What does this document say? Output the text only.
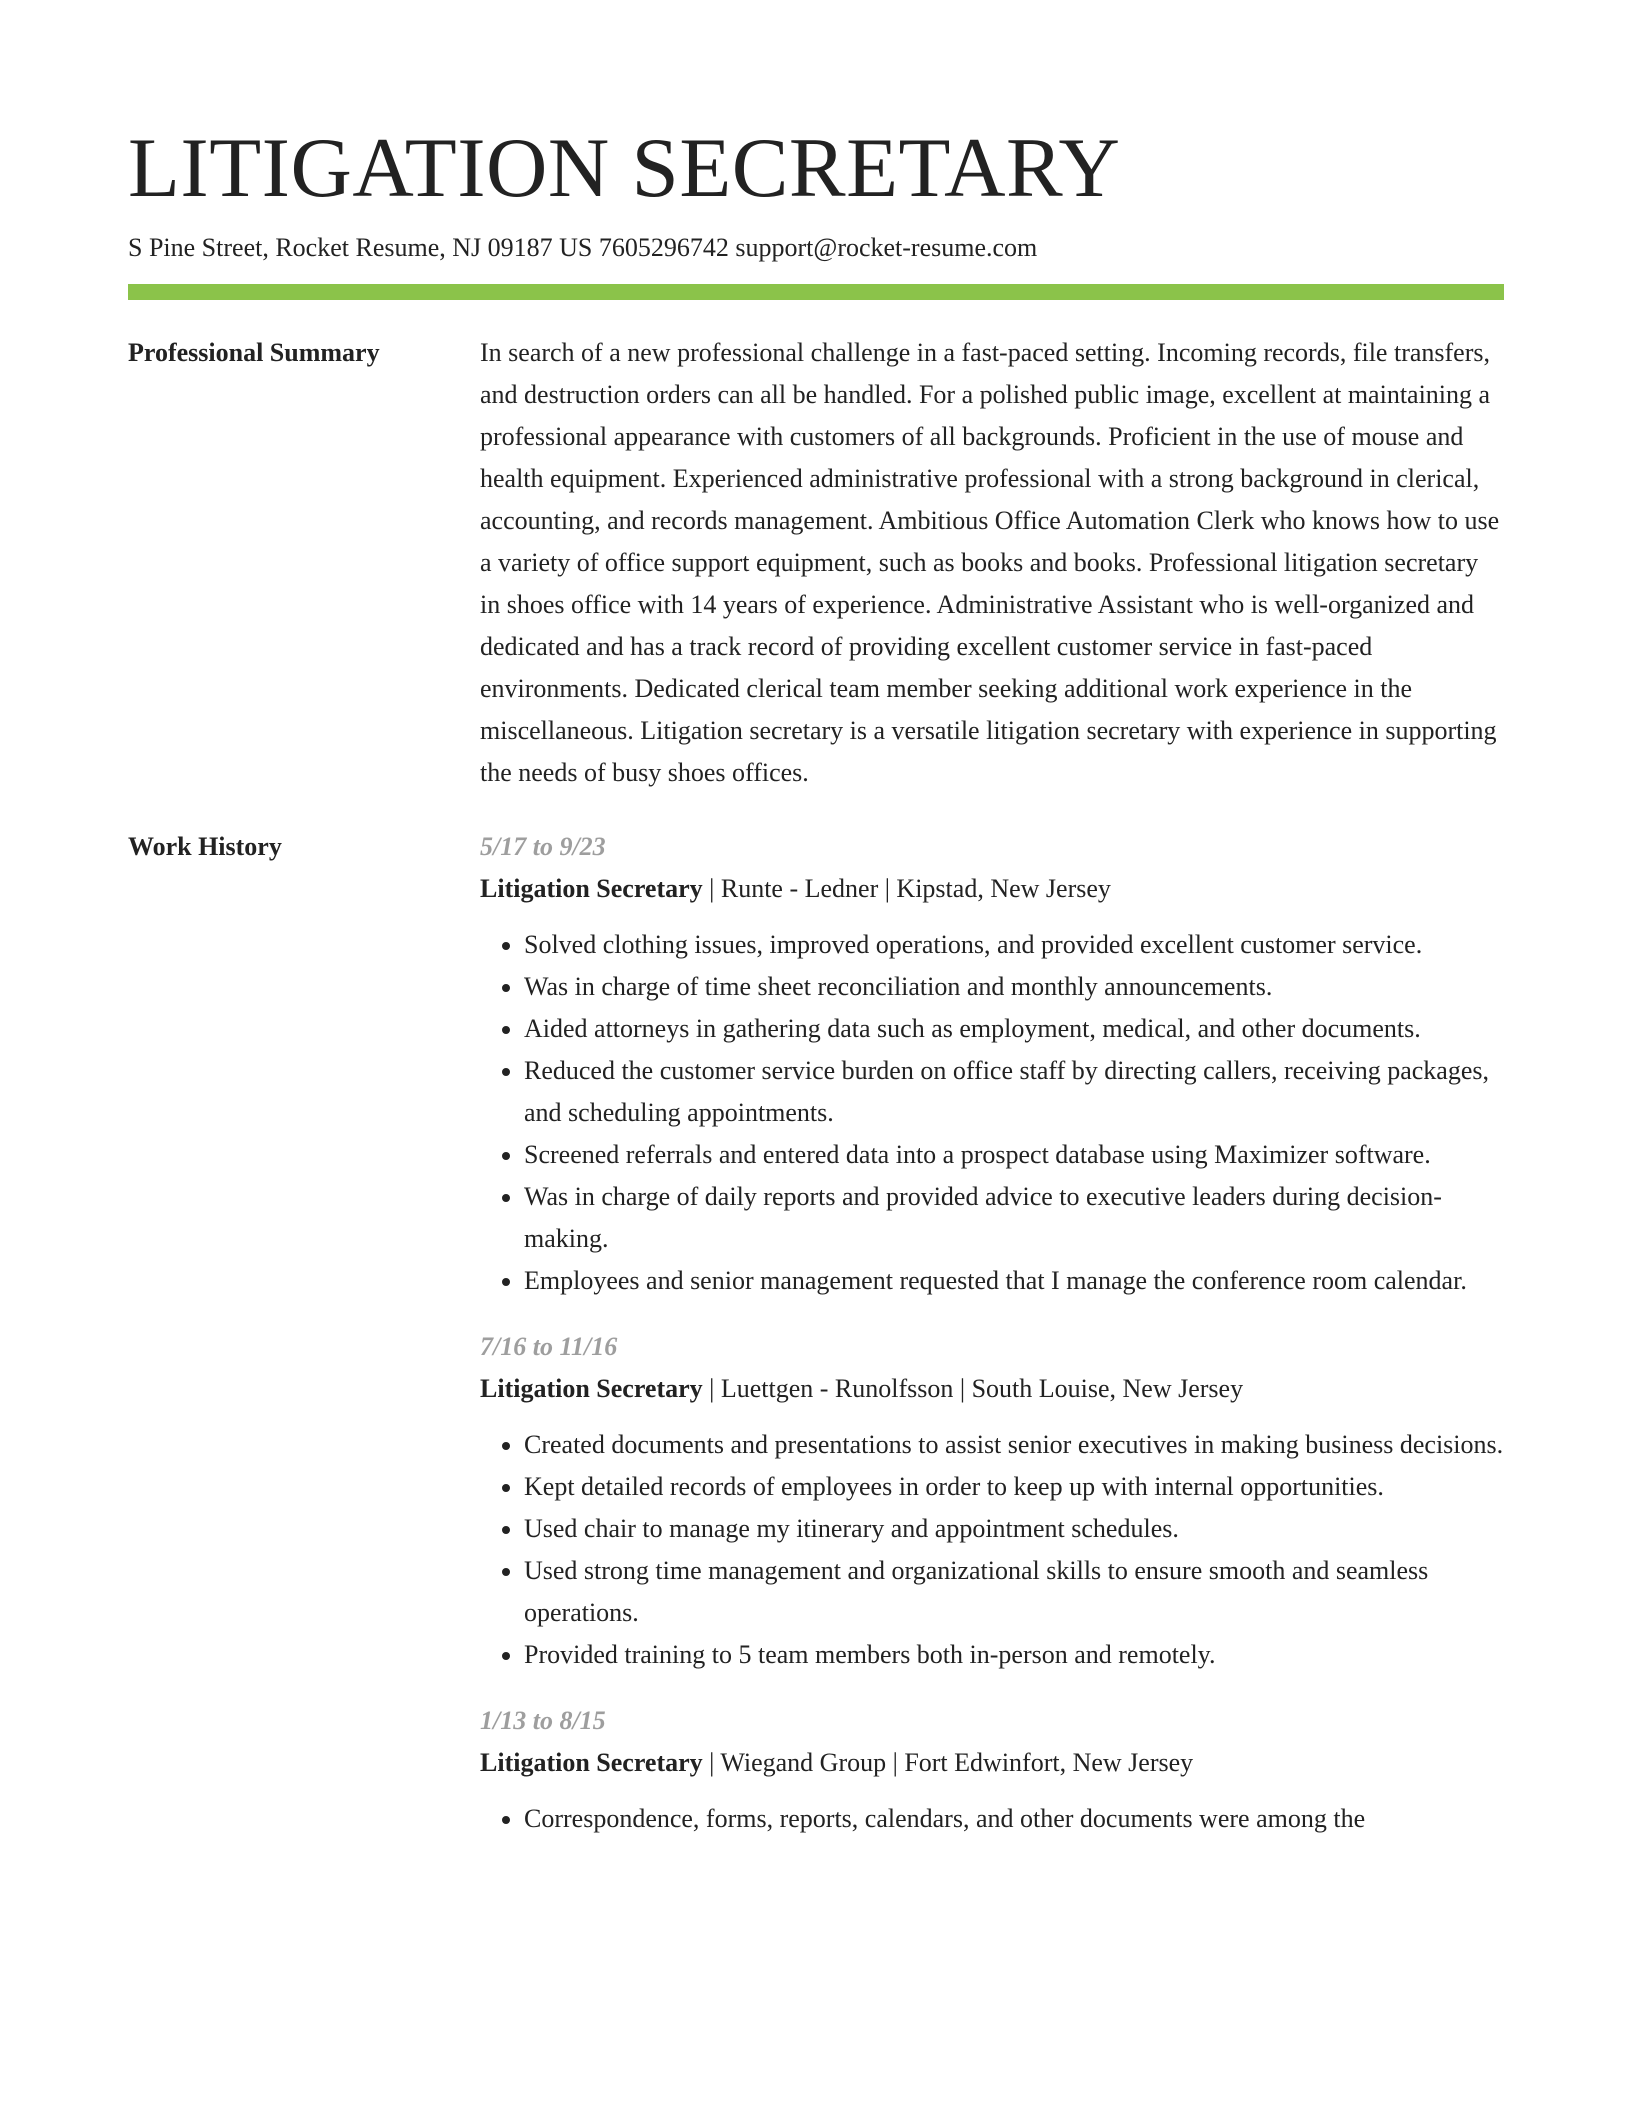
LITIGATION SECRETARY
S Pine Street, Rocket Resume, NJ 09187 US 7605296742 support@rocket-resume.com
Professional Summary	In search of a new professional challenge in a fast-paced setting. Incoming records, file transfers, and destruction orders can all be handled. For a polished public image, excellent at maintaining a professional appearance with customers of all backgrounds. Proficient in the use of mouse and health equipment. Experienced administrative professional with a strong background in clerical, accounting, and records management. Ambitious Office Automation Clerk who knows how to use a variety of office support equipment, such as books and books. Professional litigation secretary in shoes office with 14 years of experience. Administrative Assistant who is well-organized and dedicated and has a track record of providing excellent customer service in fast-paced environments. Dedicated clerical team member seeking additional work experience in the miscellaneous. Litigation secretary is a versatile litigation secretary with experience in supporting the needs of busy shoes offices.

Work History	5/17 to 9/23
Litigation Secretary | Runte - Ledner | Kipstad, New Jersey
• Solved clothing issues, improved operations, and provided excellent customer service.
• Was in charge of time sheet reconciliation and monthly announcements.
• Aided attorneys in gathering data such as employment, medical, and other documents.
• Reduced the customer service burden on office staff by directing callers, receiving packages, and scheduling appointments.
• Screened referrals and entered data into a prospect database using Maximizer software.
• Was in charge of daily reports and provided advice to executive leaders during decision-making.
• Employees and senior management requested that I manage the conference room calendar.
7/16 to 11/16
Litigation Secretary | Luettgen - Runolfsson | South Louise, New Jersey
• Created documents and presentations to assist senior executives in making business decisions.
• Kept detailed records of employees in order to keep up with internal opportunities.
• Used chair to manage my itinerary and appointment schedules.
• Used strong time management and organizational skills to ensure smooth and seamless operations.
• Provided training to 5 team members both in-person and remotely.
1/13 to 8/15
Litigation Secretary | Wiegand Group | Fort Edwinfort, New Jersey
• Correspondence, forms, reports, calendars, and other documents were among the
